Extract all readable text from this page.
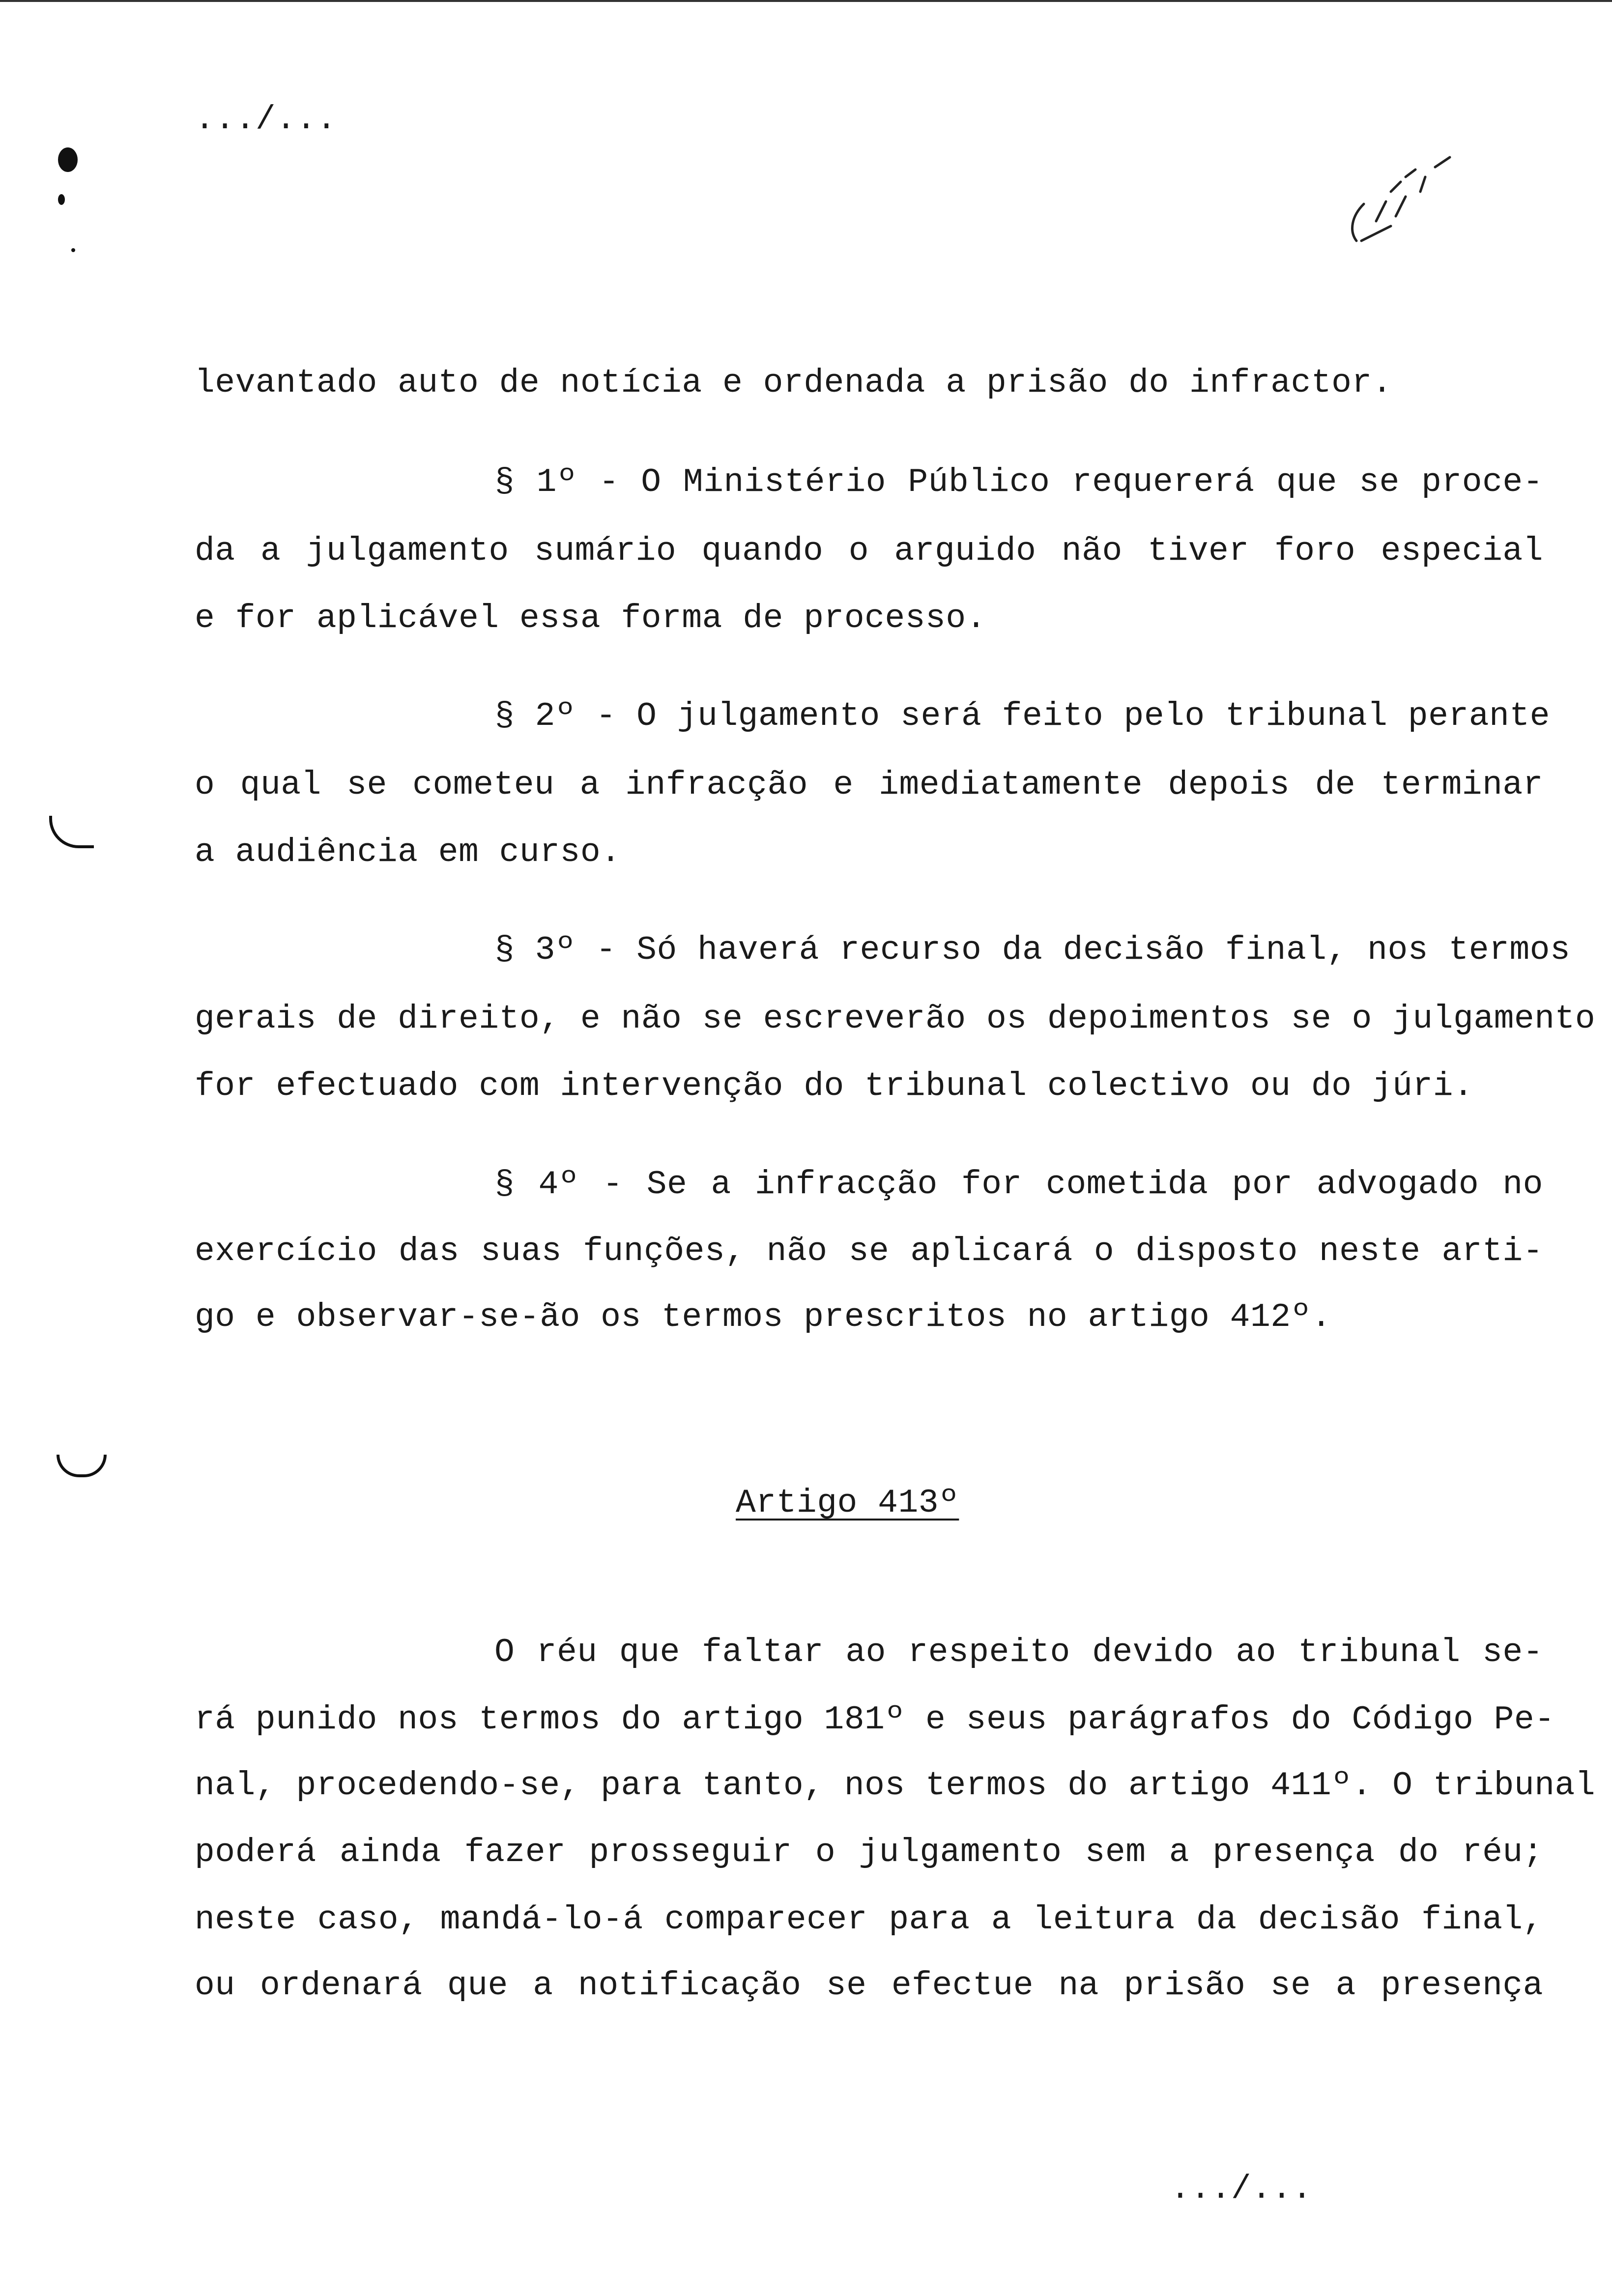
.../...
levantado auto de notícia e ordenada a prisão do infractor.
§ 1º - O Ministério Público requererá que se proce-
da a julgamento sumário quando o arguido não tiver foro especial
e for aplicável essa forma de processo.
§ 2º - O julgamento será feito pelo tribunal perante
o qual se cometeu a infracção e imediatamente depois de terminar
a audiência em curso.
§ 3º - Só haverá recurso da decisão final, nos termos
gerais de direito, e não se escreverão os depoimentos se o julgamento
for efectuado com intervenção do tribunal colectivo ou do júri.
§ 4º - Se a infracção for cometida por advogado no
exercício das suas funções, não se aplicará o disposto neste arti-
go e observar-se-ão os termos prescritos no artigo 412º.
Artigo 413º
O réu que faltar ao respeito devido ao tribunal se-
rá punido nos termos do artigo 181º e seus parágrafos do Código Pe-
nal, procedendo-se, para tanto, nos termos do artigo 411º. O tribunal
poderá ainda fazer prosseguir o julgamento sem a presença do réu;
neste caso, mandá-lo-á comparecer para a leitura da decisão final,
ou ordenará que a notificação se efectue na prisão se a presença
.../...
